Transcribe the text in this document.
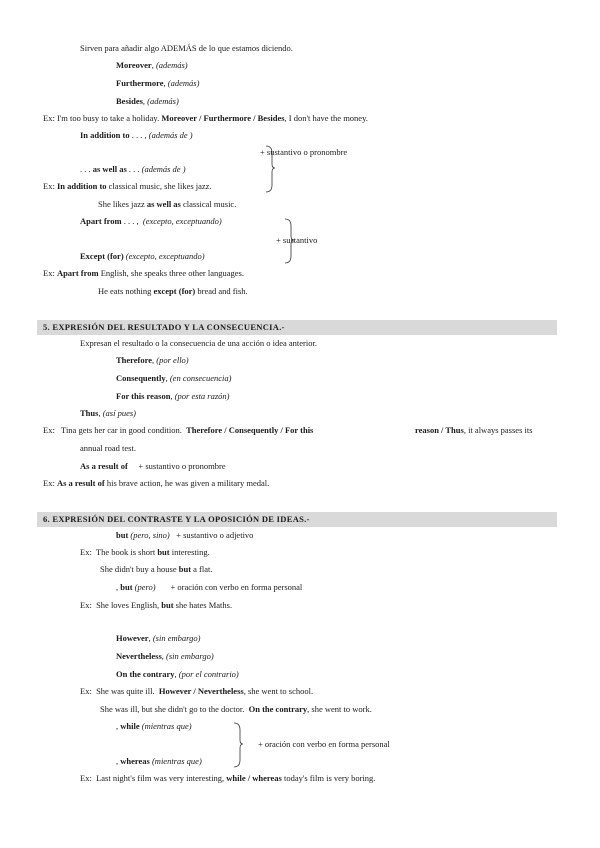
Sirven para añadir algo ADEMÁS de lo que estamos diciendo.
Moreover, (además)
Furthermore, (además)
Besides, (además)
Ex: I'm too busy to take a holiday. Moreover / Furthermore / Besides, I don't have the money.
In addition to . . . , (además de )
+ sustantivo o pronombre
. . . as well as . . . (además de )
Ex: In addition to classical music, she likes jazz.
She likes jazz as well as classical music.
Apart from . . . ,  (excepto, exceptuando)
+ sustantivo
Except (for) (excepto, exceptuando)
Ex: Apart from English, she speaks three other languages.
He eats nothing except (for) bread and fish.
5. EXPRESIÓN DEL RESULTADO Y LA CONSECUENCIA.-
Expresan el resultado o la consecuencia de una acción o idea anterior.
Therefore, (por ello)
Consequently, (en consecuencia)
For this reason, (por esta razón)
Thus, (así pues)
Ex: Tina gets her car in good condition. Therefore / Consequently / For this	reason / Thus, it always passes its
annual road test.
As a result of + sustantivo o pronombre
Ex: As a result of his brave action, he was given a military medal.
6. EXPRESIÓN DEL CONTRASTE Y LA OPOSICIÓN DE IDEAS.-
but (pero, sino) + sustantivo o adjetivo
Ex: The book is short but interesting.
She didn't buy a house but a flat.
, but (pero) + oración con verbo en forma personal
Ex: She loves English, but she hates Maths.
However, (sin embargo)
Nevertheless, (sin embargo)
On the contrary, (por el contrario)
Ex: She was quite ill. However / Nevertheless, she went to school.
She was ill, but she didn't go to the doctor. On the contrary, she went to work.
, while (mientras que)
+ oración con verbo en forma personal
, whereas (mientras que)
Ex: Last night's film was very interesting, while / whereas today's film is very boring.
